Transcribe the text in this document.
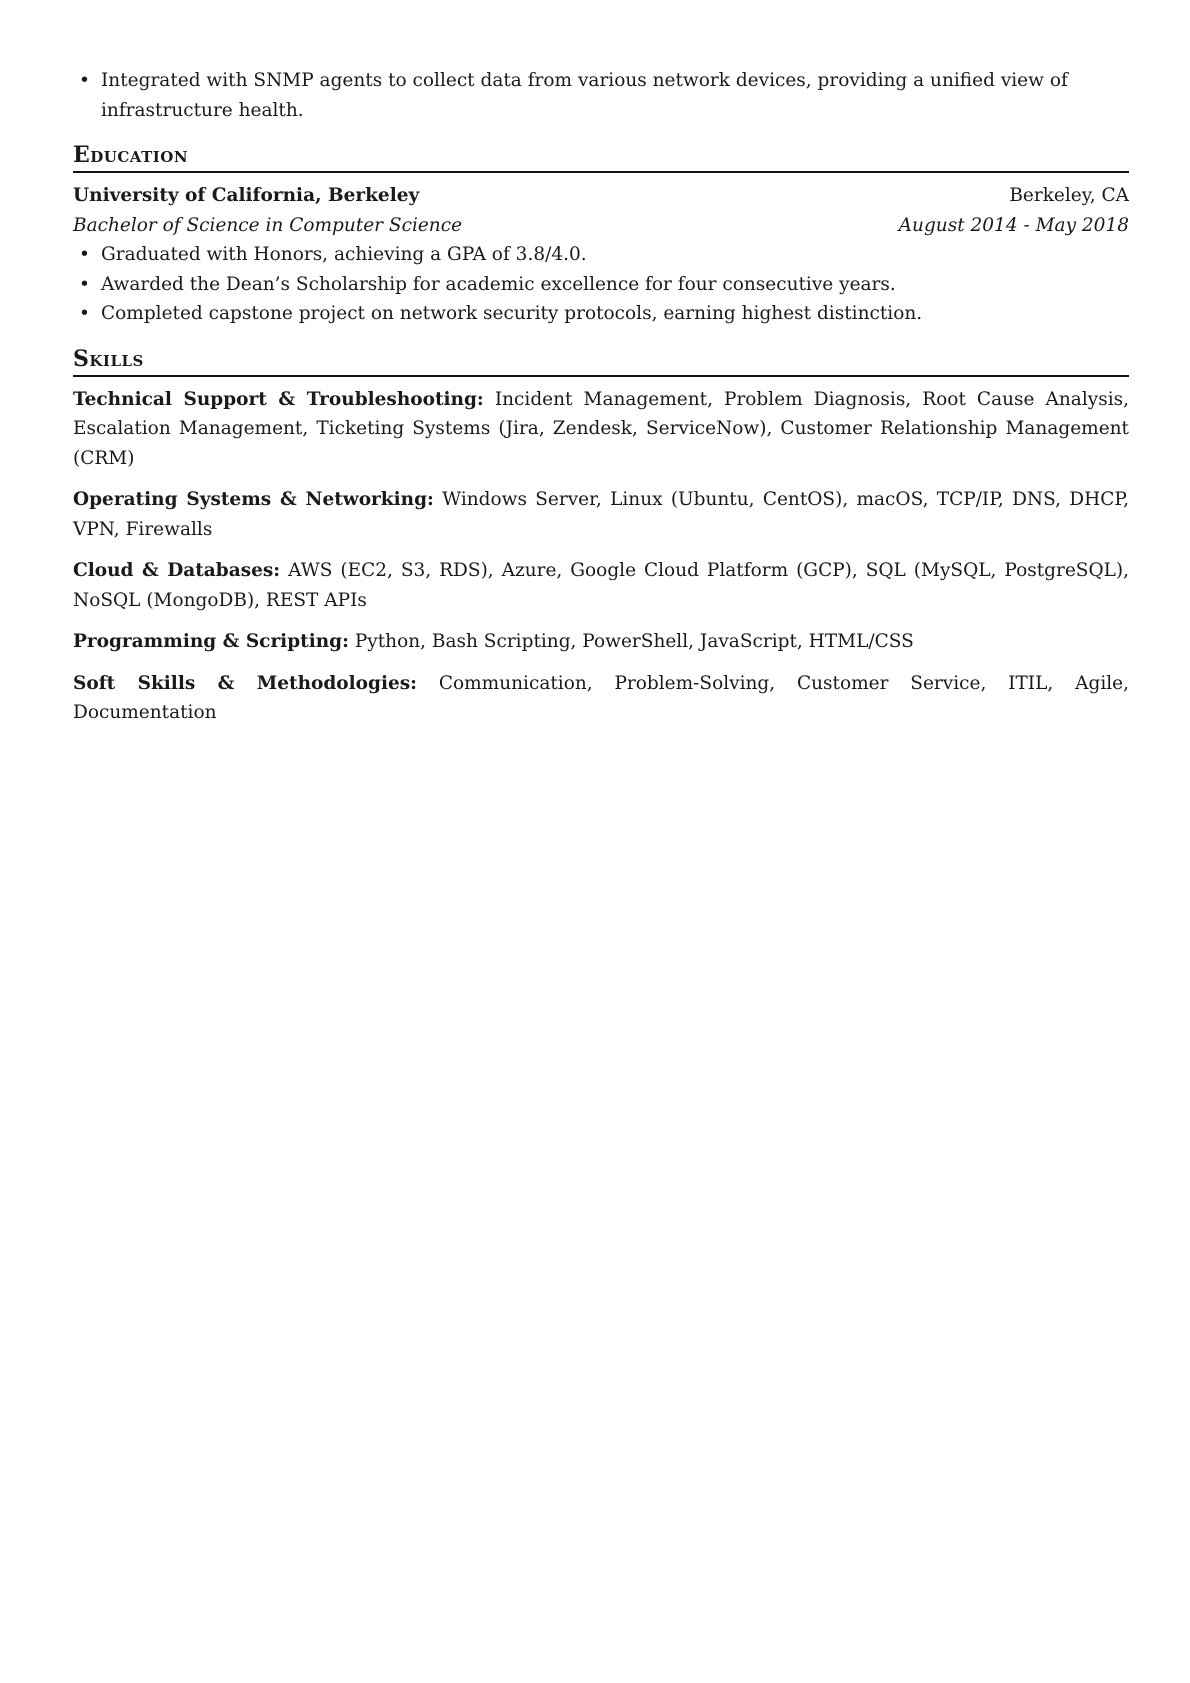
• Integrated with SNMP agents to collect data from various network devices, providing a unified view of infrastructure health.
Education
University of California, Berkeley	Berkeley, CA
Bachelor of Science in Computer Science	August 2014 - May 2018
• Graduated with Honors, achieving a GPA of 3.8/4.0.
• Awarded the Dean’s Scholarship for academic excellence for four consecutive years.
• Completed capstone project on network security protocols, earning highest distinction.
Skills
Technical Support & Troubleshooting: Incident Management, Problem Diagnosis, Root Cause Analysis, Escalation Management, Ticketing Systems (Jira, Zendesk, ServiceNow), Customer Relationship Management (CRM)
Operating Systems & Networking: Windows Server, Linux (Ubuntu, CentOS), macOS, TCP/IP, DNS, DHCP, VPN, Firewalls
Cloud & Databases: AWS (EC2, S3, RDS), Azure, Google Cloud Platform (GCP), SQL (MySQL, PostgreSQL), NoSQL (MongoDB), REST APIs
Programming & Scripting: Python, Bash Scripting, PowerShell, JavaScript, HTML/CSS
Soft Skills & Methodologies: Communication, Problem-Solving, Customer Service, ITIL, Agile, Documentation
